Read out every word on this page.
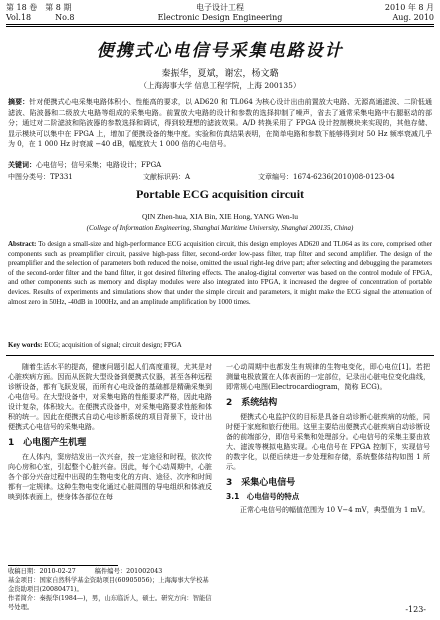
第 18 卷　第 8 期
Vol.18　　　No.8
电子设计工程
Electronic Design Engineering
2010 年 8 月
Aug. 2010
便携式心电信号采集电路设计
秦振华，夏斌，谢宏，杨文璐
（上海海事大学 信息工程学院，上海 200135）
摘要：针对便携式心电采集电路体积小、性能高的要求，以 AD620 和 TL064 为核心设计出由前置放大电路、无源高通滤波、二阶低通滤波、陷波器和二级放大电路等组成的采集电路。前置放大电路的设计和参数的选择抑制了噪声，省去了通常采集电路中右腿驱动的部分；通过对二阶滤波和陷波器的参数选择和调试，得到较理想的滤波效果。A/D 转换采用了 FPGA 设计控制模块来实现的，其他存储、显示模块可以集中在 FPGA 上，增加了便携设备的集中度。实验和仿真结果表明，在简单电路和参数下能够得到对 50 Hz 频率衰减几乎为 0，在 1 000 Hz 时衰减 −40 dB，幅度放大 1 000 倍的心电信号。
关键词：心电信号；信号采集；电路设计；FPGA
中图分类号：TP331	文献标识码：A	文章编号：1674-6236(2010)08-0123-04
Portable ECG acquisition circuit
QIN Zhen-hua, XIA Bin, XIE Hong, YANG Wen-lu
(College of Information Engineering, Shanghai Maritime University, Shanghai 200135, China)
Abstract: To design a small-size and high-performance ECG acquisition circuit, this design employes AD620 and TL064 as its core, comprised other components such as preamplifier circuit, passive high-pass filter, second-order low-pass filter, trap filter and second amplifier. The design of the preamplifier and the selection of parameters both reduced the noise, omitted the usual right-leg drive part; after selecting and debugging the parameters of the second-order filter and the band filter, it got desired filtering effects. The analog-digital converter was based on the control module of FPGA, and other components such as memory and display modules were also integrated into FPGA, it increased the degree of concentration of portable devices. Results of experiments and simulations show that under the simple circuit and parameters, it might make the ECG signal the attenuation of almost zero in 50Hz, -40dB in 1000Hz, and an amplitude amplification by 1000 times.
Key words: ECG; acquisition of signal; circuit design; FPGA

随着生活水平的提高，健康问题引起人们高度重视，尤其是对心脏疾病方面。因而从医院大型设备到便携式仪器，甚至各种远程诊断设备，都有飞跃发展，而所有心电设备的基础都是精确采集到心电信号。在大型设备中，对采集电路的性能要求严格，因此电路设计复杂，体积较大。在便携式设备中，对采集电路要求性能和体积的统一。因此在便携式自动心电诊断系统的项目背景下，设计出便携式心电信号的采集电路。

1　心电图产生机理

在人体内，窦房结发出一次兴奋，按一定途径和时程，依次传向心房和心室，引起整个心脏兴奋。因此，每个心动周期中，心脏各个部分兴奋过程中出现的生物电变化的方向、途径、次序和时间都有一定规律。这种生物电变化通过心脏周围的导电组织和体液反映到体表面上，使身体各部位在每

一心动周期中也都发生有规律的生物电变化，即心电位[1]。若把测量电极放置在人体表面的一定部位，记录出心脏电位变化曲线，即常规心电图(Electrocardiogram，简称 ECG)。

2　系统结构

便携式心电监护仪的目标是具备自动诊断心脏疾病的功能，同时便于家庭和旅行使用。这里主要给出便携式心脏疾病自动诊断设备的前端部分，即信号采集和处理部分。心电信号的采集主要由放大、滤波等模拟电路实现。心电信号在 FPGA 控制下，实现信号的数字化，以便后续进一步处理和存储，系统整体结构如图 1 所示。

3　采集心电信号
3.1　心电信号的特点

正常心电信号的幅值范围为 10 V−4 mV，典型值为 1 mV。

收稿日期：2010-02-27　　　稿件编号：201002043
基金项目：国家自然科学基金资助项目(60905056)；上海海事大学校基金资助项目(20080471)。
作者简介：秦振华(1984—)，男，山东临沂人，硕士。研究方向：智能信号处理。	-123-
